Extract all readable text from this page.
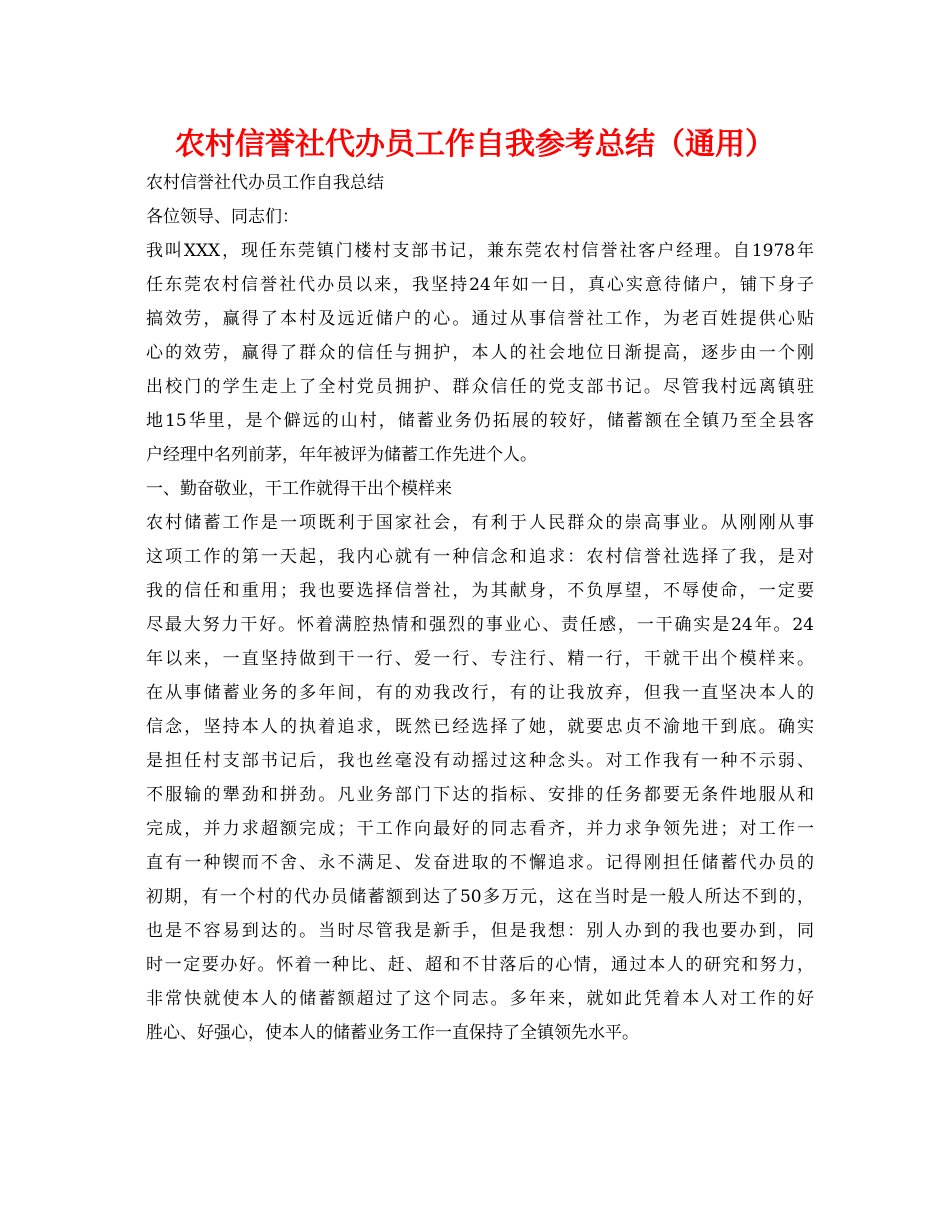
农村信誉社代办员工作自我参考总结（通用）
农村信誉社代办员工作自我总结
各位领导、同志们：
我叫XXX，现任东莞镇门楼村支部书记，兼东莞农村信誉社客户经理。自1978年
任东莞农村信誉社代办员以来，我坚持24年如一日，真心实意待储户，铺下身子
搞效劳，赢得了本村及远近储户的心。通过从事信誉社工作，为老百姓提供心贴
心的效劳，赢得了群众的信任与拥护，本人的社会地位日渐提高，逐步由一个刚
出校门的学生走上了全村党员拥护、群众信任的党支部书记。尽管我村远离镇驻
地15华里，是个僻远的山村，储蓄业务仍拓展的较好，储蓄额在全镇乃至全县客
户经理中名列前茅，年年被评为储蓄工作先进个人。
一、勤奋敬业，干工作就得干出个模样来
农村储蓄工作是一项既利于国家社会，有利于人民群众的崇高事业。从刚刚从事
这项工作的第一天起，我内心就有一种信念和追求：农村信誉社选择了我，是对
我的信任和重用；我也要选择信誉社，为其献身，不负厚望，不辱使命，一定要
尽最大努力干好。怀着满腔热情和强烈的事业心、责任感，一干确实是24年。24
年以来，一直坚持做到干一行、爱一行、专注行、精一行，干就干出个模样来。
在从事储蓄业务的多年间，有的劝我改行，有的让我放弃，但我一直坚决本人的
信念，坚持本人的执着追求，既然已经选择了她，就要忠贞不渝地干到底。确实
是担任村支部书记后，我也丝毫没有动摇过这种念头。对工作我有一种不示弱、
不服输的犟劲和拼劲。凡业务部门下达的指标、安排的任务都要无条件地服从和
完成，并力求超额完成；干工作向最好的同志看齐，并力求争领先进；对工作一
直有一种锲而不舍、永不满足、发奋进取的不懈追求。记得刚担任储蓄代办员的
初期，有一个村的代办员储蓄额到达了50多万元，这在当时是一般人所达不到的，
也是不容易到达的。当时尽管我是新手，但是我想：别人办到的我也要办到，同
时一定要办好。怀着一种比、赶、超和不甘落后的心情，通过本人的研究和努力，
非常快就使本人的储蓄额超过了这个同志。多年来，就如此凭着本人对工作的好
胜心、好强心，使本人的储蓄业务工作一直保持了全镇领先水平。
